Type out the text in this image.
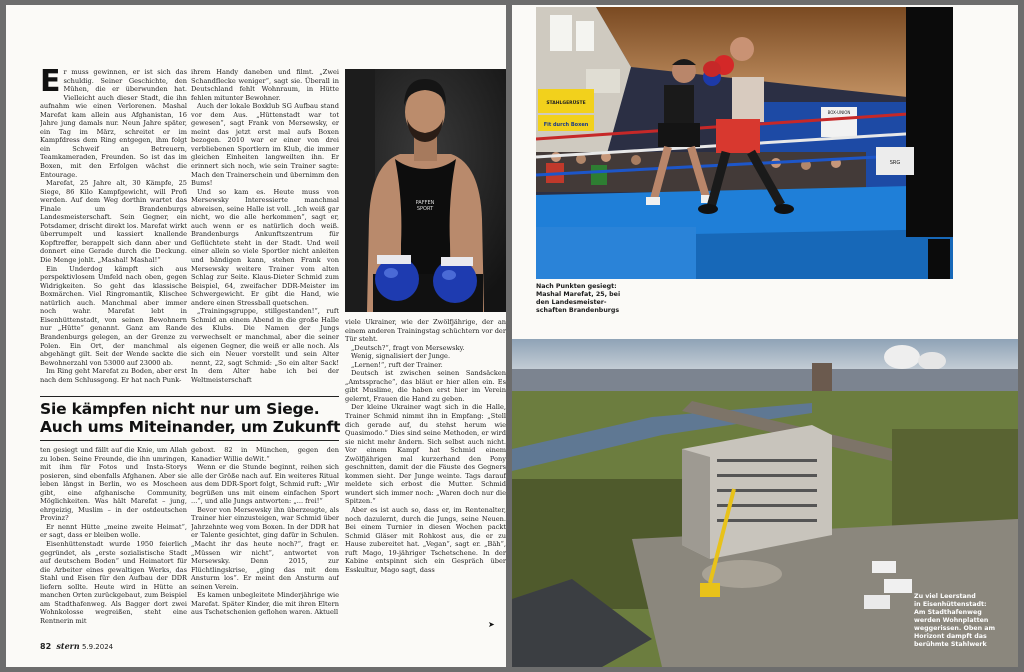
E r muss gewinnen, er ist sich das schuldig. Seiner Geschichte, den Mühen, die er überwunden hat. Vielleicht auch dieser Stadt, die ihn aufnahm wie einen Verlorenen. Mashal Marefat kam allein aus Afghanistan, 16 Jahre jung damals nur. Neun Jahre später, ein Tag im März, schreitet er im Kampfdress dem Ring entgegen, ihm folgt ein Schweif an Betreuern, Teamkameraden, Freunden. So ist das im Boxen, mit den Erfolgen wächst die Entourage.

Marefat, 25 Jahre alt, 30 Kämpfe, 25 Siege, 86 Kilo Kampfgewicht, will Profi werden. Auf dem Weg dorthin wartet das Finale um Brandenburgs Landesmeisterschaft. Sein Gegner, ein Potsdamer, drischt direkt los. Marefat wirkt überrumpelt und kassiert knallende Kopftreffer, berappelt sich dann aber und donnert eine Gerade durch die Deckung. Die Menge johlt. „Mashal! Mashal!“

Ein Underdog kämpft sich aus perspektivlosem Umfeld nach oben, gegen Widrigkeiten. So geht das klassische Boxmärchen. Viel Ringromantik, Klischee natürlich auch. Manchmal aber immer noch wahr. Marefat lebt in Eisenhüttenstadt, von seinen Bewohnern nur „Hütte“ genannt. Ganz am Rande Brandenburgs gelegen, an der Grenze zu Polen. Ein Ort, der manchmal als abgehängt gilt. Seit der Wende sackte die Bewohnerzahl von 53000 auf 23000 ab.

Im Ring geht Marefat zu Boden, aber erst nach dem Schlussgong. Er hat nach Punk-

ihrem Handy daneben und filmt. „Zwei Schandflecke weniger“, sagt sie. Überall in Deutschland fehlt Wohnraum, in Hütte fehlen mitunter Bewohner.

Auch der lokale Boxklub SG Aufbau stand vor dem Aus. „Hüttenstadt war tot gewesen“, sagt Frank von Mersewsky, er meint das jetzt erst mal aufs Boxen bezogen. 2010 war er einer von drei verbliebenen Sportlern im Klub, die immer gleichen Einheiten langweilten ihn. Er erinnert sich noch, wie sein Trainer sagte: Mach den Trainerschein und übernimm den Bums!

Und so kam es. Heute muss von Mersewsky Interessierte manchmal abweisen, seine Halle ist voll. „Ich weiß gar nicht, wo die alle herkommen“, sagt er, auch wenn er es natürlich doch weiß. Brandenburgs Ankunftszentrum für Geflüchtete steht in der Stadt. Und weil einer allein so viele Sportler nicht anleiten und bändigen kann, stehen Frank von Mersewsky weitere Trainer vom alten Schlag zur Seite. Klaus-Dieter Schmid zum Beispiel, 64, zweifacher DDR-Meister im Schwergewicht. Er gibt die Hand, wie andere einen Stressball quetschen.

„Trainingsgruppe, stillgestanden!“, ruft Schmid an einem Abend in die große Halle des Klubs. Die Namen der Jungs verwechselt er manchmal, aber die seiner eigenen Gegner, die weiß er alle noch. Als sich ein Neuer vorstellt und sein Alter nennt, 22, sagt Schmid: „So ein alter Sack! In dem Alter habe ich bei der Weltmeisterschaft

PAFFEN
SPORT

viele Ukrainer, wie der Zwölfjährige, der an einem anderen Trainingstag schüchtern vor der Tür steht.

„Deutsch?“, fragt von Mersewsky.

Wenig, signalisiert der Junge.

„Lernen!“, ruft der Trainer.

Deutsch ist zwischen seinen Sandsäcken „Amtssprache“, das bläut er hier allen ein. Es gibt Muslime, die haben erst hier im Verein gelernt, Frauen die Hand zu geben.

Der kleine Ukrainer wagt sich in die Halle, Trainer Schmid nimmt ihn in Empfang: „Stell dich gerade auf, du stehst herum wie Quasimodo.“ Dies sind seine Methoden, er wird sie nicht mehr ändern. Sich selbst auch nicht. Vor einem Kampf hat Schmid einem Zwölfjährigen mal kurzerhand den Pony geschnitten, damit der die Fäuste des Gegners kommen sieht. Der Junge weinte. Tags darauf meldete sich erbost die Mutter. Schmid wundert sich immer noch: „Waren doch nur die Spitzen.“

Aber es ist auch so, dass er, im Rentenalter, noch dazulernt, durch die Jungs, seine Neuen. Bei einem Turnier in diesen Wochen packt Schmid Gläser mit Rohkost aus, die er zu Hause zubereitet hat. „Vegan“, sagt er. „Bäh“, ruft Mago, 19-jähriger Tschetschene. In der Kabine entspinnt sich ein Gespräch über Esskultur, Mago sagt, dass

Sie kämpfen nicht nur um Siege.
Auch ums Miteinander, um Zukunft

ten gesiegt und fällt auf die Knie, um Allah zu loben. Seine Freunde, die ihn umringen, mit ihm für Fotos und Insta-Storys posieren, sind ebenfalls Afghanen. Aber sie leben längst in Berlin, wo es Moscheen gibt, eine afghanische Community, Möglichkeiten. Was hält Marefat – jung, ehrgeizig, Muslim – in der ostdeutschen Provinz?

Er nennt Hütte „meine zweite Heimat“, er sagt, dass er bleiben wolle.

Eisenhüttenstadt wurde 1950 feierlich gegründet, als „erste sozialistische Stadt auf deutschem Boden“ und Heimatort für die Arbeiter eines gewaltigen Werks, das Stahl und Eisen für den Aufbau der DDR liefern sollte. Heute wird in Hütte an manchen Orten zurückgebaut, zum Beispiel am Stadthafenweg. Als Bagger dort zwei Wohnkolosse wegreißen, steht eine Rentnerin mit

geboxt. 82 in München, gegen den Kanadier Willie deWit.“

Wenn er die Stunde beginnt, reihen sich alle der Größe nach auf. Ein weiteres Ritual aus dem DDR-Sport folgt, Schmid ruft: „Wir begrüßen uns mit einem einfachen Sport ...“, und alle Jungs antworten: „... frei!“

Bevor von Mersewsky ihn überzeugte, als Trainer hier einzusteigen, war Schmid über Jahrzehnte weg vom Boxen. In der DDR hat er Talente gesichtet, ging dafür in Schulen. „Macht ihr das heute noch?“, fragt er. „Müssen wir nicht“, antwortet von Mersewsky. Denn 2015, zur Flüchtlingskrise, „ging das mit dem Ansturm los“. Er meint den Ansturm auf seinen Verein.

Es kamen unbegleitete Minderjährige wie Marefat. Später Kinder, die mit ihren Eltern aus Tschetschenien geflohen waren. Aktuell

82 stern 5.9.2024
➤
BOX-UNION
STAHLGERÜSTE
Fit durch Boxen
SRG
Nach Punkten gesiegt:
Mashal Marefat, 25, bei
den Landesmeister-
schaften Brandenburgs
Zu viel Leerstand
in Eisenhüttenstadt:
Am Stadthafenweg
werden Wohnplatten
weggerissen. Oben am
Horizont dampft das
berühmte Stahlwerk
